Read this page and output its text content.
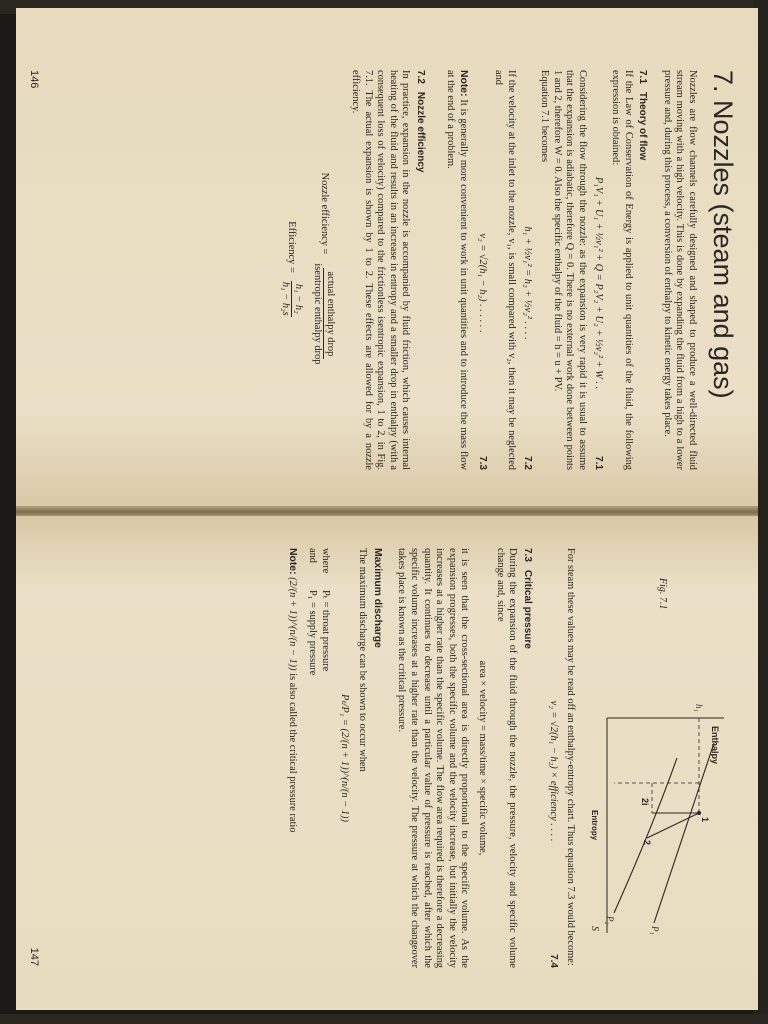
7. Nozzles (steam and gas)

Nozzles are flow channels carefully designed and shaped to produce a well-directed fluid stream moving with a high velocity. This is done by expanding the fluid from a high to a lower pressure and, during this process, a conversion of enthalpy to kinetic energy takes place.

7.1Theory of flow

If the Law of Conservation of Energy is applied to unit quantities of the fluid, the following expression is obtained:

P₁V₁ + U₁ + ½v₁² + Q = P₂V₂ + U₂ + ½v₂² + W . .
7.1

Considering the flow through the nozzle: as the expansion is very rapid it is usual to assume that the expansion is adiabatic, therefore Q = 0. There is no external work done between points 1 and 2, therefore W = 0. Also the specific enthalpy of the fluid = h = u + PV.

Equation 7.1 becomes

h₁ + ½v₁² = h₂ + ½v₂² . . . .
7.2

If the velocity at the inlet to the nozzle, v₁, is small compared with v₂, then it may be neglected and

v₂ = √2(h₁ − h₂) . . . . . .
7.3

Note: It is generally more convenient to work in unit quantities and to introduce the mass flow at the end of a problem.

7.2Nozzle efficiency

In practice, expansion in the nozzle is accompanied by fluid friction, which causes internal heating of the fluid and results in an increase in entropy and a smaller drop in enthalpy (with a consequent loss of velocity) compared to the frictionless isentropic expansion, 1 to 2, in Fig. 7.1. The actual expansion is shown by 1 to 2. These effects are allowed for by a nozzle efficiency.

Nozzle efficiency =
actual enthalpy drop
isentropic enthalpy drop
Efficiency =
h₁ − h₂
h₁ − h₂s
146
Fig. 7.1
Enthalpy
Entropy
S
h₁
P₁
P₂
1
2
2i

For steam these values may be read off an enthalpy-entropy chart. Thus equation 7.3 would become:

v₂ = √2(h₁ − h₂) × efficiency . . . .
7.4
7.3Critical pressure

During the expansion of the fluid through the nozzle, the pressure, velocity and specific volume change and, since

area × velocity = mass/time × specific volume,

it is seen that the cross-sectional area is directly proportional to the specific volume. As the expansion progresses, both the specific volume and the velocity increase, but initially the velocity increases at a higher rate than the specific volume. The flow area required is therefore a decreasing quantity. It continues to decrease until a particular value of pressure is reached, after which the specific volume increases at a higher rate than the velocity. The pressure at which the changeover takes place is known as the critical pressure.

Maximum discharge

The maximum discharge can be shown to occur when

Pₜ/P₁ = (2/(n + 1))^(n/(n − 1))

where
Pₜ = throat pressure
and
P₁ = supply pressure

Note: (2/(n + 1))^(n/(n − 1)) is also called the critical pressure ratio

147
